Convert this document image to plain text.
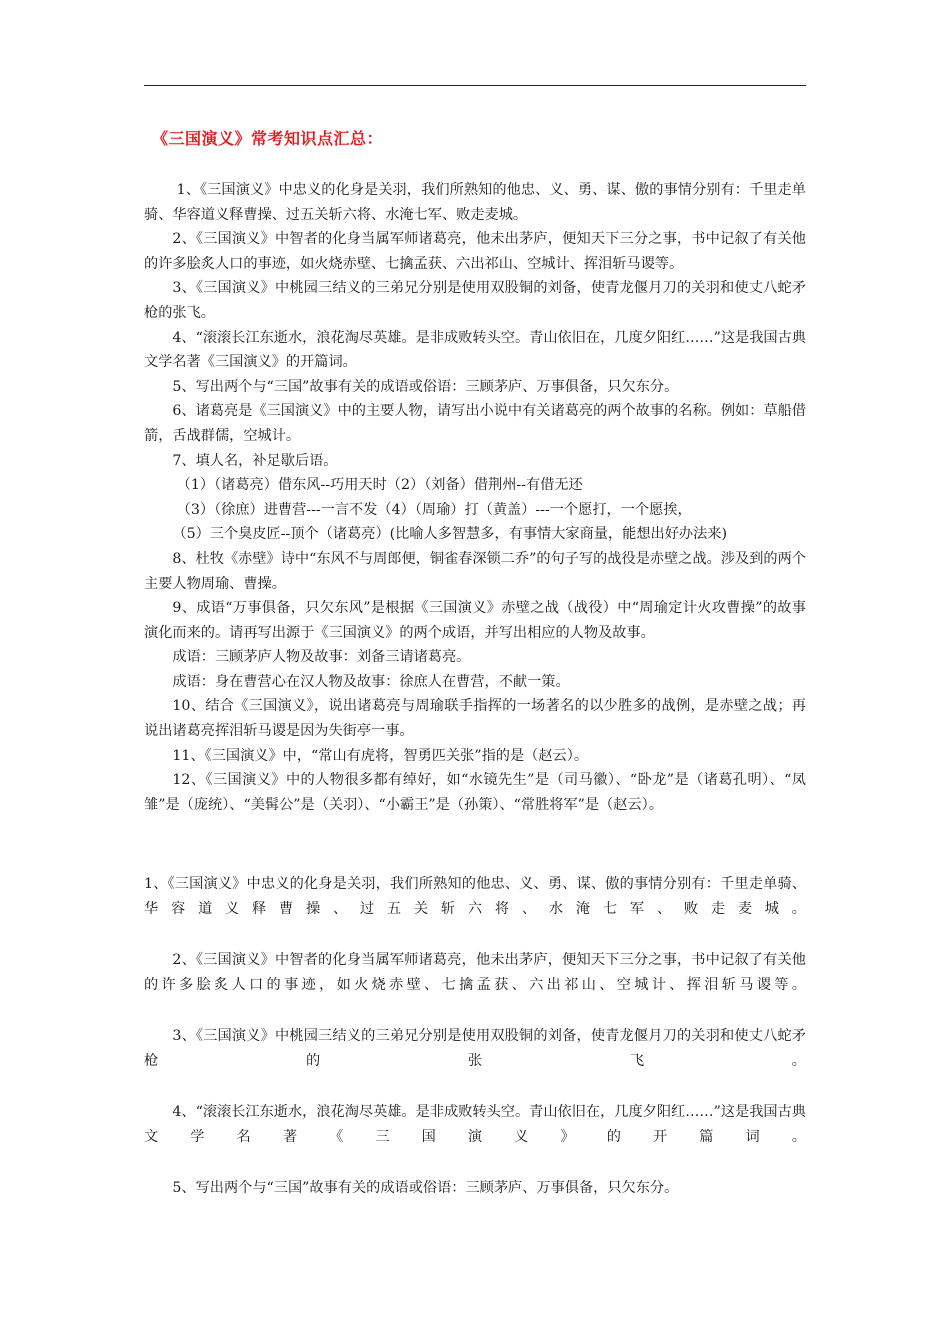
《三国演义》常考知识点汇总：

1、《三国演义》中忠义的化身是关羽，我们所熟知的他忠、义、勇、谋、傲的事情分别有：千里走单骑、华容道义释曹操、过五关斩六将、水淹七军、败走麦城。

2、《三国演义》中智者的化身当属军师诸葛亮，他未出茅庐，便知天下三分之事，书中记叙了有关他的许多脍炙人口的事迹，如火烧赤壁、七擒孟获、六出祁山、空城计、挥泪斩马谡等。

3、《三国演义》中桃园三结义的三弟兄分别是使用双股铜的刘备，使青龙偃月刀的关羽和使丈八蛇矛枪的张飞。

4、“滚滚长江东逝水，浪花淘尽英雄。是非成败转头空。青山依旧在，几度夕阳红……”这是我国古典文学名著《三国演义》的开篇词。

5、写出两个与“三国”故事有关的成语或俗语：三顾茅庐、万事俱备，只欠东分。

6、诸葛亮是《三国演义》中的主要人物，请写出小说中有关诸葛亮的两个故事的名称。例如：草船借箭，舌战群儒，空城计。

7、填人名，补足歇后语。

（1）（诸葛亮）借东风--巧用天时（2）（刘备）借荆州--有借无还

（3）（徐庶）进曹营---一言不发（4）（周瑜）打（黄盖）---一个愿打，一个愿挨，

（5）三个臭皮匠--顶个（诸葛亮）(比喻人多智慧多，有事情大家商量，能想出好办法来)

8、杜牧《赤壁》诗中“东风不与周郎便，铜雀春深锁二乔”的句子写的战役是赤壁之战。涉及到的两个主要人物周瑜、曹操。

9、成语“万事俱备，只欠东风”是根据《三国演义》赤壁之战（战役）中“周瑜定计火攻曹操”的故事演化而来的。请再写出源于《三国演义》的两个成语，并写出相应的人物及故事。

成语：三顾茅庐人物及故事：刘备三请诸葛亮。

成语：身在曹营心在汉人物及故事：徐庶人在曹营，不献一策。

10、结合《三国演义》，说出诸葛亮与周瑜联手指挥的一场著名的以少胜多的战例，是赤壁之战；再说出诸葛亮挥泪斩马谡是因为失街亭一事。

11、《三国演义》中，“常山有虎将，智勇匹关张”指的是（赵云）。

12、《三国演义》中的人物很多都有绰好，如“水镜先生”是（司马徽）、“卧龙”是（诸葛孔明）、“凤雏”是（庞统）、“美髯公”是（关羽）、“小霸王”是（孙策）、“常胜将军”是（赵云）。

1、《三国演义》中忠义的化身是关羽，我们所熟知的他忠、义、勇、谋、傲的事情分别有：千里走单骑、华容道义释曹操、过五关斩六将、水淹七军、败走麦城。

2、《三国演义》中智者的化身当属军师诸葛亮，他未出茅庐，便知天下三分之事，书中记叙了有关他的许多脍炙人口的事迹，如火烧赤壁、七擒孟获、六出祁山、空城计、挥泪斩马谡等。

3、《三国演义》中桃园三结义的三弟兄分别是使用双股铜的刘备，使青龙偃月刀的关羽和使丈八蛇矛枪的张飞。

4、“滚滚长江东逝水，浪花淘尽英雄。是非成败转头空。青山依旧在，几度夕阳红……”这是我国古典文学名著《三国演义》的开篇词。

5、写出两个与“三国”故事有关的成语或俗语：三顾茅庐、万事俱备，只欠东分。
